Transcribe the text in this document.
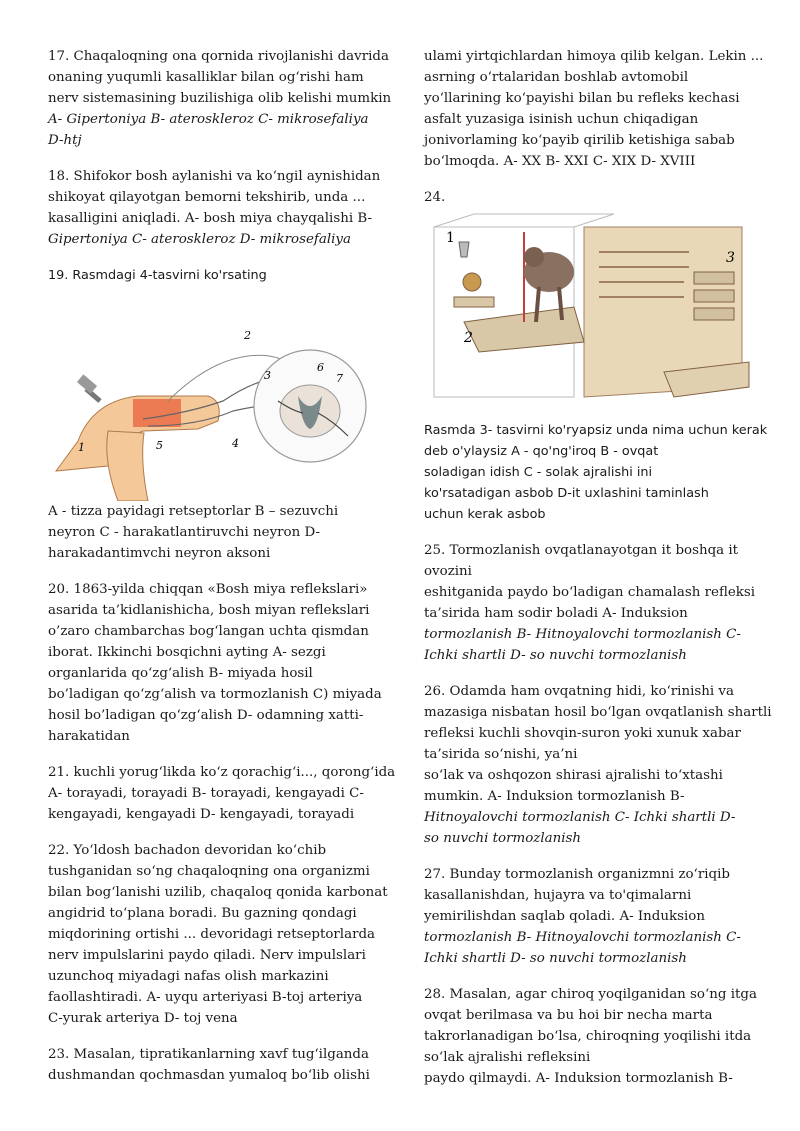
17. Chaqaloqning ona qornida rivojlanishi davrida
onaning yuqumli kasalliklar bilan og‘rishi ham
nerv sistemasining buzilishiga olib kelishi mumkin
A- Gipertoniya B- ateroskleroz C- mikrosefaliya
D-htj
18. Shifokor bosh aylanishi va ko‘ngil aynishidan
shikoyat qilayotgan bemorni tekshirib, unda ...
kasalligini aniqladi. A- bosh miya chayqalishi B-
Gipertoniya C- ateroskleroz D- mikrosefaliya
19. Rasmdagi 4-tasvirni ko'rsating
1
2
3
4
5
6
7
A - tizza payidagi retseptorlar B – sezuvchi
neyron C - harakatlantiruvchi neyron D-
harakadantimvchi neyron aksoni
20. 1863-yilda chiqqan «Bosh miya reflekslari»
asarida ta’kidlanishicha, bosh miyan reflekslari
o’zaro chambarchas bog‘langan uchta qismdan
iborat. Ikkinchi bosqichni ayting A- sezgi
organlarida qo‘zg‘alish B- miyada hosil
bo’ladigan qo‘zg‘alish va tormozlanish C) miyada
hosil bo’ladigan qo‘zg‘alish D- odamning xatti-
harakatidan
21. kuchli yorug‘likda ko‘z qorachig‘i..., qorong‘ida
A- torayadi, torayadi B- torayadi, kengayadi C-
kengayadi, kengayadi D- kengayadi, torayadi
22. Yo‘ldosh bachadon devoridan ko‘chib
tushganidan so‘ng chaqaloqning ona organizmi
bilan bog‘lanishi uzilib, chaqaloq qonida karbonat
angidrid to‘plana boradi. Bu gazning qondagi
miqdorining ortishi ... devoridagi retseptorlarda
nerv impulslarini paydo qiladi. Nerv impulslari
uzunchoq miyadagi nafas olish markazini
faollashtiradi. A- uyqu arteriyasi B-toj arteriya
C-yurak arteriya D- toj vena
23. Masalan, tipratikanlarning xavf tug‘ilganda
dushmandan qochmasdan yumaloq bo‘lib olishi
ulami yirtqichlardan himoya qilib kelgan. Lekin ...
asrning o‘rtalaridan boshlab avtomobil
yo‘llarining ko‘payishi bilan bu refleks kechasi
asfalt yuzasiga isinish uchun chiqadigan
jonivorlaming ko‘payib qirilib ketishiga sabab
bo‘lmoqda. A- XX B- XXI C- XIX D- XVIII
24.
1
2
3
Rasmda 3- tasvirni ko'ryapsiz unda nima uchun kerak
deb o'ylaysiz A - qo'ng'iroq B - ovqat
soladigan idish C - solak ajralishi ini
ko'rsatadigan asbob D-it uxlashini taminlash
uchun kerak asbob
25. Tormozlanish ovqatlanayotgan it boshqa it
ovozini
eshitganida paydo bo‘ladigan chamalash refleksi
ta’sirida ham sodir boladi A- Induksion
tormozlanish B- Hitnoyalovchi tormozlanish C-
Ichki shartli D- so nuvchi tormozlanish
26. Odamda ham ovqatning hidi, ko‘rinishi va
mazasiga nisbatan hosil bo‘lgan ovqatlanish shartli
refleksi kuchli shovqin-suron yoki xunuk xabar
ta’sirida so‘nishi, ya’ni
so‘lak va oshqozon shirasi ajralishi to‘xtashi
mumkin. A- Induksion tormozlanish B-
Hitnoyalovchi tormozlanish C- Ichki shartli D-
so nuvchi tormozlanish
27. Bunday tormozlanish organizmni zo‘riqib
kasallanishdan, hujayra va to'qimalarni
yemirilishdan saqlab qoladi. A- Induksion
tormozlanish B- Hitnoyalovchi tormozlanish C-
Ichki shartli D- so nuvchi tormozlanish
28. Masalan, agar chiroq yoqilganidan so‘ng itga
ovqat berilmasa va bu hoi bir necha marta
takrorlanadigan bo‘lsa, chiroqning yoqilishi itda
so‘lak ajralishi refleksini
paydo qilmaydi. A- Induksion tormozlanish B-
